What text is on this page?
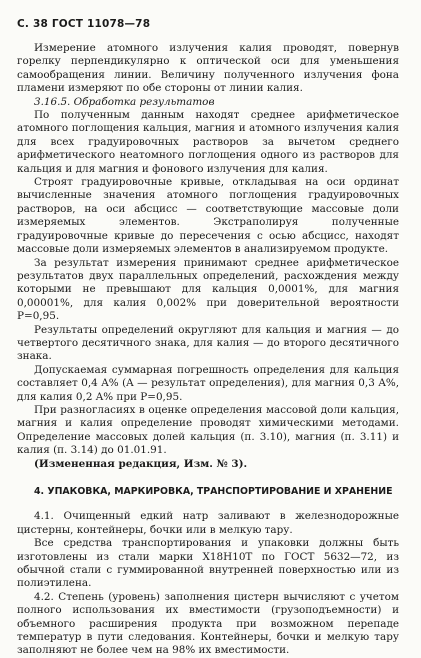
С. 38 ГОСТ 11078—78

Измерение атомного излучения калия проводят, повернув горелку перпендикулярно к оптической оси для уменьшения самообращения линии. Величину полученного излучения фона пламени измеряют по обе стороны от линии калия.

3.16.5. Обработка результатов

По полученным данным находят среднее арифметическое атомного поглощения кальция, магния и атомного излучения калия для всех градуировочных растворов за вычетом среднего арифметического неатомного поглощения одного из растворов для кальция и для магния и фонового излучения для калия.

Строят градуировочные кривые, откладывая на оси ординат вычисленные значения атомного поглощения градуировочных растворов, на оси абсцисс — соответствующие массовые доли измеряемых элементов. Экстраполируя полученные градуировочные кривые до пересечения с осью абсцисс, находят массовые доли измеряемых элементов в анализируемом продукте.

За результат измерения принимают среднее арифметическое результатов двух параллельных определений, расхождения между которыми не превышают для кальция 0,0001%, для магния 0,00001%, для калия 0,002% при доверительной вероятности P=0,95.

Результаты определений округляют для кальция и магния — до четвертого десятичного знака, для калия — до второго десятичного знака.

Допускаемая суммарная погрешность определения для кальция составляет 0,4 A% (A — результат определения), для магния 0,3 A%, для калия 0,2 A% при P=0,95.

При разногласиях в оценке определения массовой доли кальция, магния и калия определение проводят химическими методами. Определение массовых долей кальция (п. 3.10), магния (п. 3.11) и калия (п. 3.14) до 01.01.91.

(Измененная редакция, Изм. № 3).

4. УПАКОВКА, МАРКИРОВКА, ТРАНСПОРТИРОВАНИЕ И ХРАНЕНИЕ

4.1. Очищенный едкий натр заливают в железнодорожные цистерны, контейнеры, бочки или в мелкую тару.

Все средства транспортирования и упаковки должны быть изготовлены из стали марки Х18Н10Т по ГОСТ 5632—72, из обычной стали с гуммированной внутренней поверхностью или из полиэтилена.

4.2. Степень (уровень) заполнения цистерн вычисляют с учетом полного использования их вместимости (грузоподъемности) и объемного расширения продукта при возможном перепаде температур в пути следования. Контейнеры, бочки и мелкую тару заполняют не более чем на 98% их вместимости.
